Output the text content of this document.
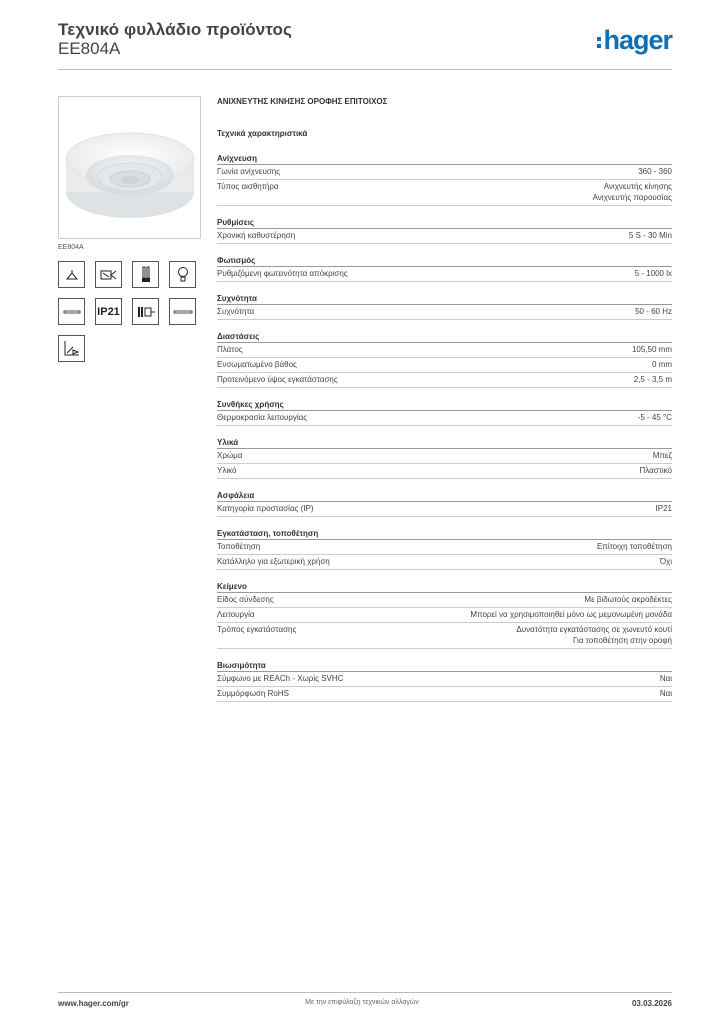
Τεχνικό φυλλάδιο προϊόντος
EE804A	hager
EE804A
IP21
ΑΝΙΧΝΕΥΤΗΣ ΚΙΝΗΣΗΣ ΟΡΟΦΗΣ ΕΠΙΤΟΙΧΟΣ
Τεχνικά χαρακτηριστικά
Ανίχνευση
Γωνία ανίχνευσης	360 - 360
Τύπος αισθητήρα	Ανιχνευτής κίνησης
Ανιχνευτής παρουσίας
Ρυθμίσεις
Χρονική καθυστέρηση	5 S - 30 Min
Φωτισμός
Ρυθμιζόμενη φωτεινότητα απόκρισης	5 - 1000 lx
Συχνότητα
Συχνότητα	50 - 60 Hz
Διαστάσεις
Πλάτος	105,50 mm
Ενσωματωμένο βάθος	0 mm
Προτεινόμενο ύψος εγκατάστασης	2,5 - 3,5 m
Συνθήκες χρήσης
Θερμοκρασία λειτουργίας	-5 - 45 °C
Υλικά
Χρώμα	Μπεζ
Υλικό	Πλαστικό
Ασφάλεια
Κατηγορία προστασίας (IP)	IP21
Εγκατάσταση, τοποθέτηση
Τοποθέτηση	Επίτοιχη τοποθέτηση
Κατάλληλο για εξωτερική χρήση	Όχι
Κείμενο
Είδος σύνδεσης	Με βιδωτούς ακροδέκτες
Λειτουργία	Μπορεί να χρησιμοποιηθεί μόνο ως μεμονωμένη μονάδα
Τρόπος εγκατάστασης	Δυνατότητα εγκατάστασης σε χωνευτό κουτί
Για τοποθέτηση στην οροφή
Βιωσιμότητα
Σύμφωνο με REACh - Χωρίς SVHC	Ναι
Συμμόρφωση RoHS	Ναι
www.hager.com/gr	Με την επιφύλαξη τεχνικών αλλαγών	03.03.2026
